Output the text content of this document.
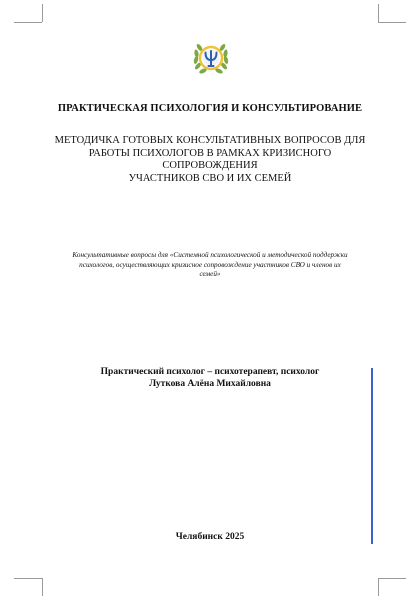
ПРАКТИЧЕСКАЯ ПСИХОЛОГИЯ И КОНСУЛЬТИРОВАНИЕ
МЕТОДИЧКА ГОТОВЫХ КОНСУЛЬТАТИВНЫХ ВОПРОСОВ ДЛЯ
РАБОТЫ ПСИХОЛОГОВ В РАМКАХ КРИЗИСНОГО СОПРОВОЖДЕНИЯ
УЧАСТНИКОВ СВО И ИХ СЕМЕЙ
Консультативные вопросы для «Системной психологической и методической поддержки
психологов, осуществляющих кризисное сопровождение участников СВО и членов их
семей»
Практический психолог – психотерапевт, психолог
Луткова Алёна Михайловна
Челябинск 2025
